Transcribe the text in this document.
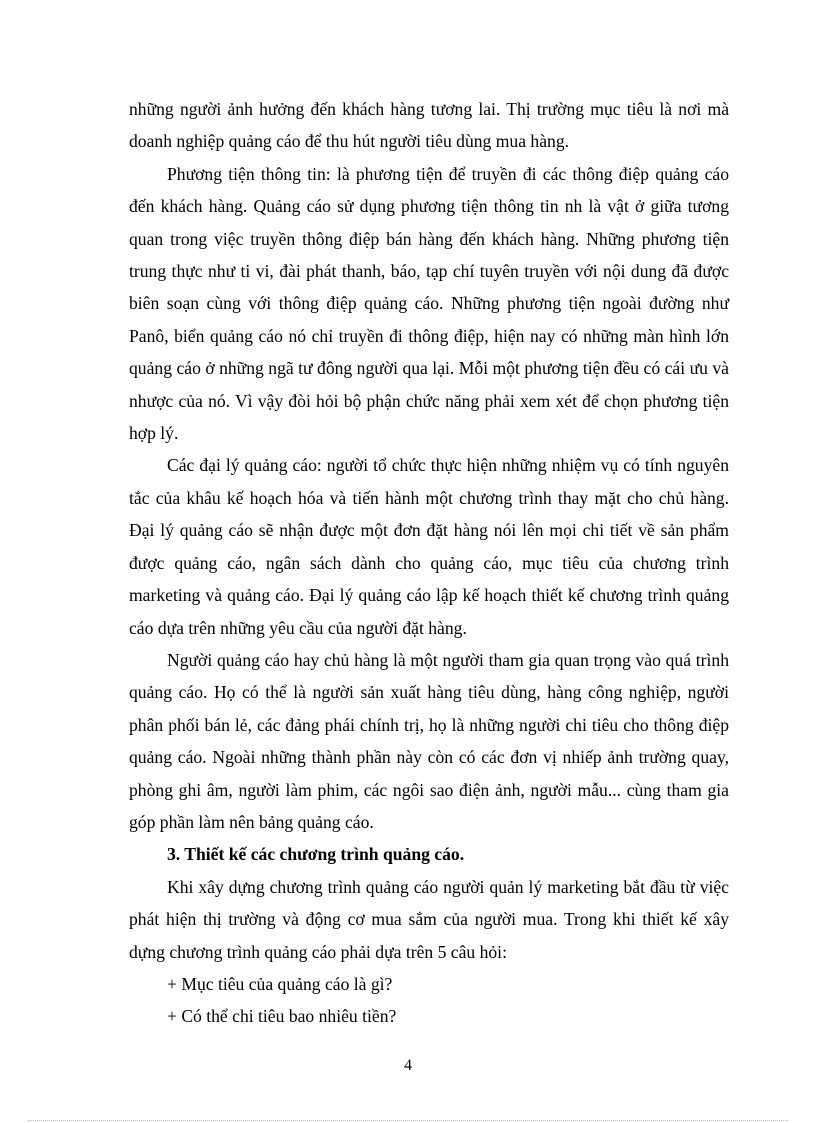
những người ảnh hưởng đến khách hàng tương lai. Thị trường mục tiêu là nơi mà doanh nghiệp quảng cáo để thu hút người tiêu dùng mua hàng.

Phương tiện thông tin: là phương tiện để truyền đi các thông điệp quảng cáo đến khách hàng. Quảng cáo sử dụng phương tiện thông tin nh là vật ở giữa tương quan trong việc truyền thông điệp bán hàng đến khách hàng. Những phương tiện trung thực như ti vi, đài phát thanh, báo, tạp chí tuyên truyền với nội dung đã được biên soạn cùng với thông điệp quảng cáo. Những phương tiện ngoài đường như Panô, biển quảng cáo nó chỉ truyền đi thông điệp, hiện nay có những màn hình lớn quảng cáo ở những ngã tư đông người qua lại. Mỗi một phương tiện đều có cái ưu và nhược của nó. Vì vậy đòi hỏi bộ phận chức năng phải xem xét để chọn phương tiện hợp lý.

Các đại lý quảng cáo: người tổ chức thực hiện những nhiệm vụ có tính nguyên tắc của khâu kế hoạch hóa và tiến hành một chương trình thay mặt cho chủ hàng. Đại lý quảng cáo sẽ nhận được một đơn đặt hàng nói lên mọi chi tiết về sản phẩm được quảng cáo, ngân sách dành cho quảng cáo, mục tiêu của chương trình marketing và quảng cáo. Đại lý quảng cáo lập kế hoạch thiết kế chương trình quảng cáo dựa trên những yêu cầu của người đặt hàng.

Người quảng cáo hay chủ hàng là một người tham gia quan trọng vào quá trình quảng cáo. Họ có thể là người sản xuất hàng tiêu dùng, hàng công nghiệp, người phân phối bán lẻ, các đảng phái chính trị, họ là những người chi tiêu cho thông điệp quảng cáo. Ngoài những thành phần này còn có các đơn vị nhiếp ảnh trường quay, phòng ghi âm, người làm phim, các ngôi sao điện ảnh, người mẫu... cùng tham gia góp phần làm nên bảng quảng cáo.

3. Thiết kế các chương trình quảng cáo.

Khi xây dựng chương trình quảng cáo người quản lý marketing bắt đầu từ việc phát hiện thị trường và động cơ mua sắm của người mua. Trong khi thiết kế xây dựng chương trình quảng cáo phải dựa trên 5 câu hỏi:

+ Mục tiêu của quảng cáo là gì?

+ Có thể chi tiêu bao nhiêu tiền?

4
